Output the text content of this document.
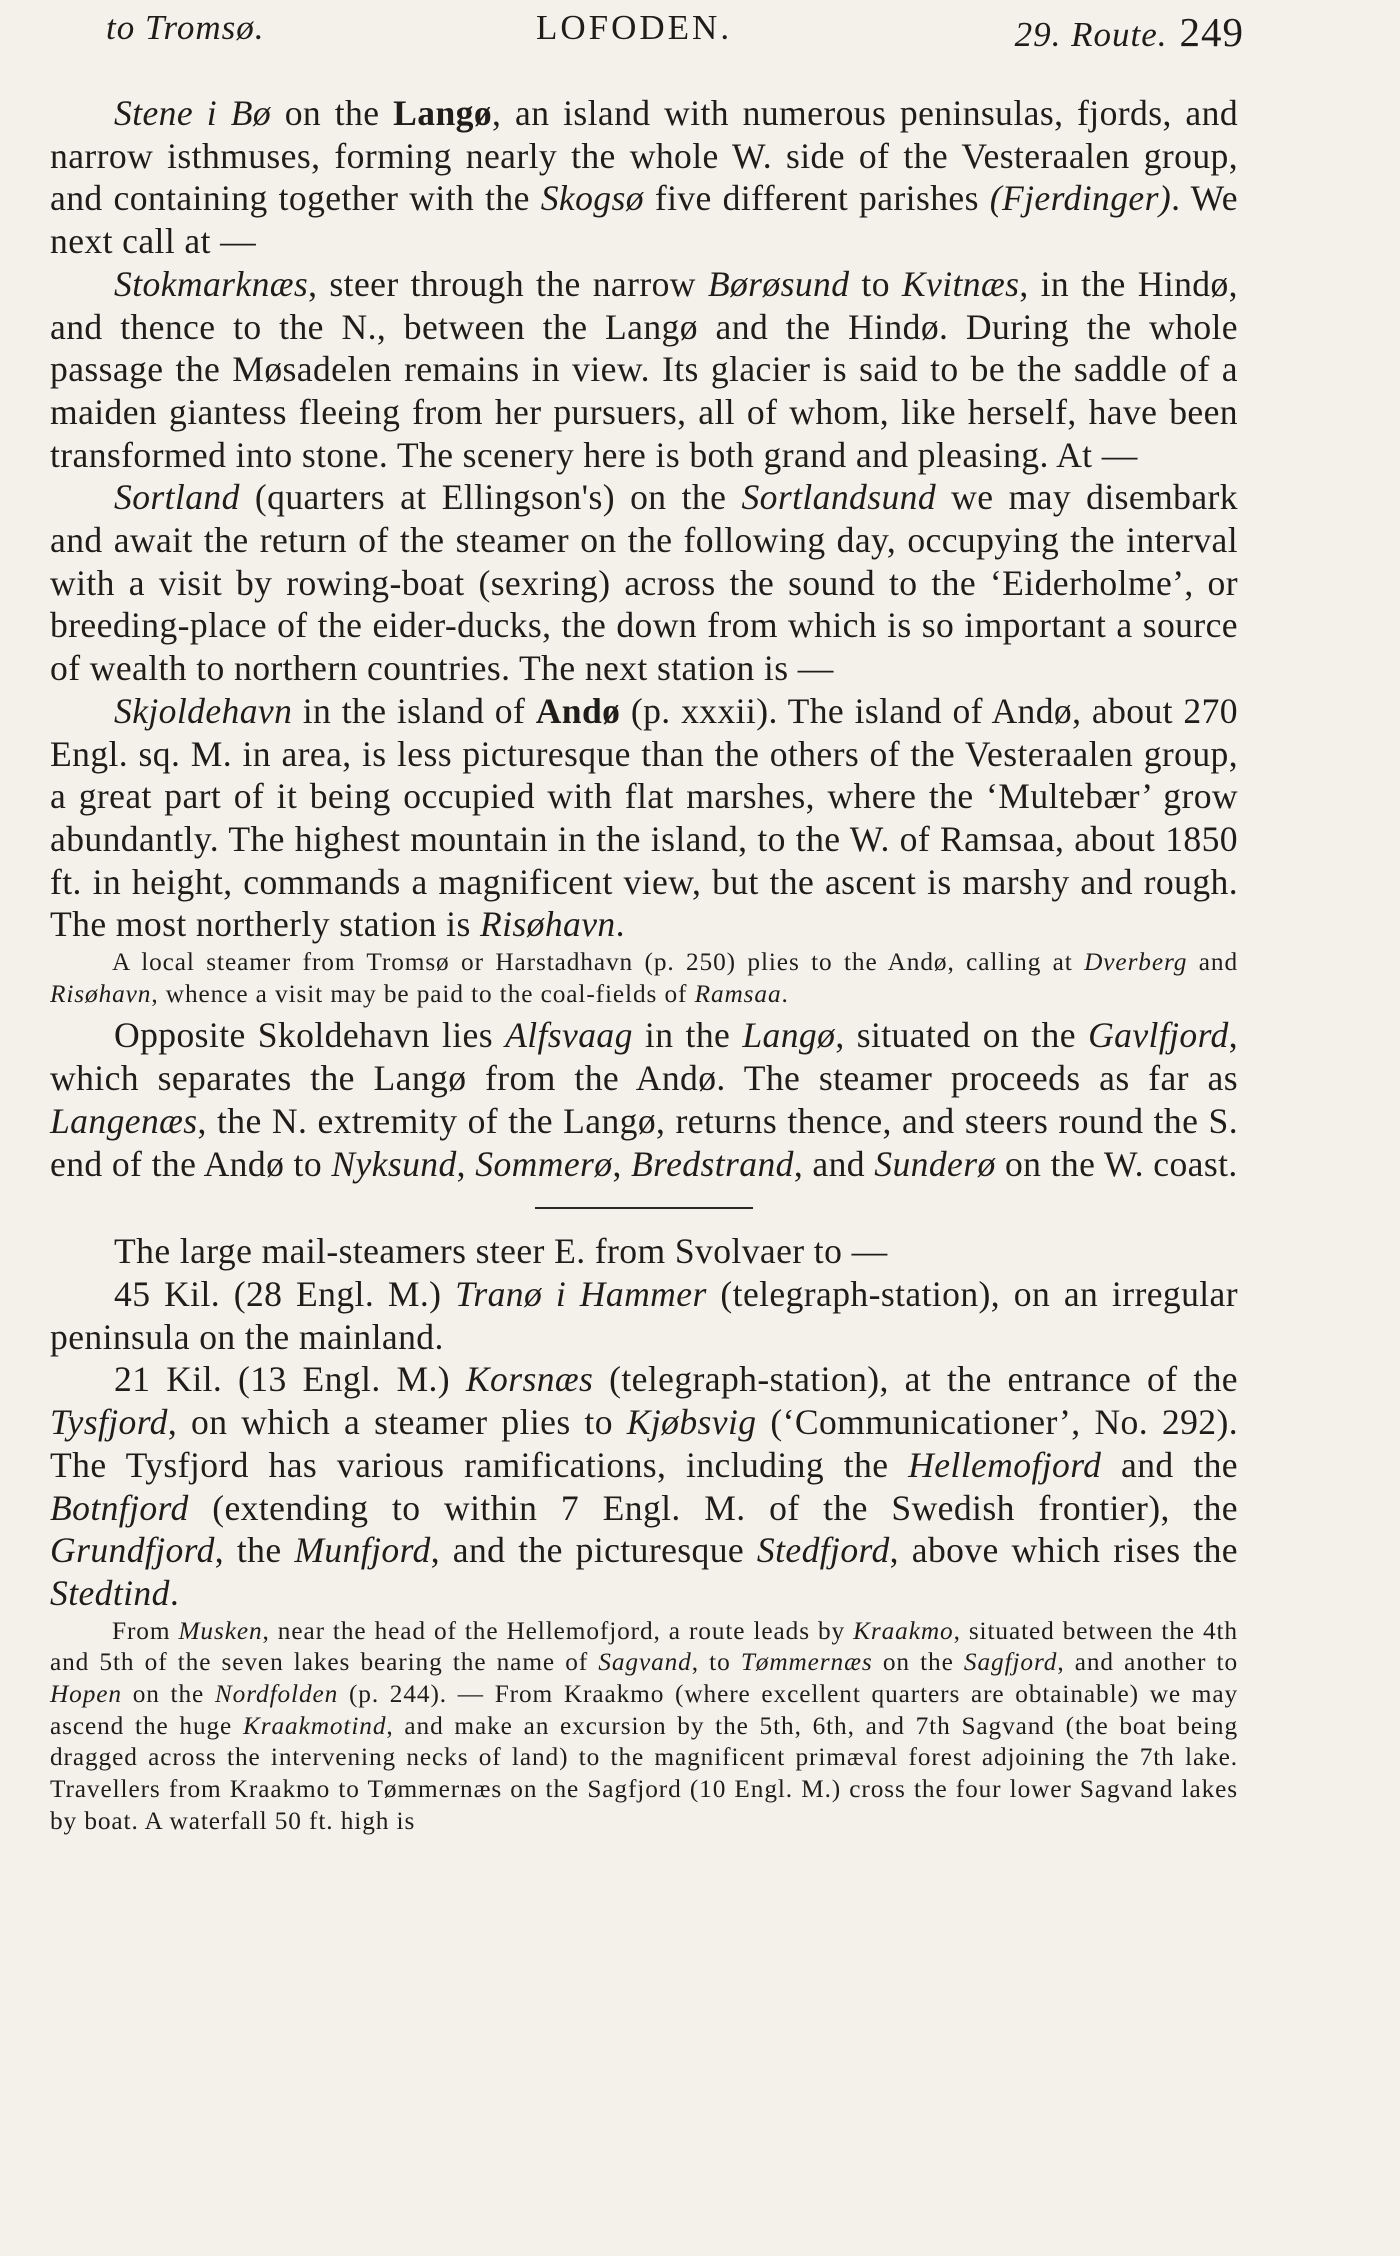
to Tromsø.	LOFODEN.	29. Route. 249

Stene i Bø on the Langø, an island with numerous peninsulas, fjords, and narrow isthmuses, forming nearly the whole W. side of the Vesteraalen group, and containing together with the Skogsø five different parishes (Fjerdinger). We next call at —

Stokmarknæs, steer through the narrow Børøsund to Kvitnæs, in the Hindø, and thence to the N., between the Langø and the Hindø. During the whole passage the Møsadelen remains in view. Its glacier is said to be the saddle of a maiden giantess fleeing from her pursuers, all of whom, like herself, have been transformed into stone. The scenery here is both grand and pleasing. At —

Sortland (quarters at Ellingson's) on the Sortlandsund we may disembark and await the return of the steamer on the following day, occupying the interval with a visit by rowing-boat (sexring) across the sound to the ‘Eiderholme’, or breeding-place of the eider-ducks, the down from which is so important a source of wealth to northern countries. The next station is —

Skjoldehavn in the island of Andø (p. xxxii). The island of Andø, about 270 Engl. sq. M. in area, is less picturesque than the others of the Vesteraalen group, a great part of it being occupied with flat marshes, where the ‘Multebær’ grow abundantly. The highest mountain in the island, to the W. of Ramsaa, about 1850 ft. in height, commands a magnificent view, but the ascent is marshy and rough. The most northerly station is Risøhavn.

A local steamer from Tromsø or Harstadhavn (p. 250) plies to the Andø, calling at Dverberg and Risøhavn, whence a visit may be paid to the coal-fields of Ramsaa.

Opposite Skoldehavn lies Alfsvaag in the Langø, situated on the Gavlfjord, which separates the Langø from the Andø. The steamer proceeds as far as Langenæs, the N. extremity of the Langø, returns thence, and steers round the S. end of the Andø to Nyksund, Sommerø, Bredstrand, and Sunderø on the W. coast.

The large mail-steamers steer E. from Svolvaer to —

45 Kil. (28 Engl. M.) Tranø i Hammer (telegraph-station), on an irregular peninsula on the mainland.

21 Kil. (13 Engl. M.) Korsnæs (telegraph-station), at the entrance of the Tysfjord, on which a steamer plies to Kjøbsvig (‘Communicationer’, No. 292). The Tysfjord has various ramifications, including the Hellemofjord and the Botnfjord (extending to within 7 Engl. M. of the Swedish frontier), the Grundfjord, the Munfjord, and the picturesque Stedfjord, above which rises the Stedtind.

From Musken, near the head of the Hellemofjord, a route leads by Kraakmo, situated between the 4th and 5th of the seven lakes bearing the name of Sagvand, to Tømmernæs on the Sagfjord, and another to Hopen on the Nordfolden (p. 244). — From Kraakmo (where excellent quarters are obtainable) we may ascend the huge Kraakmotind, and make an excursion by the 5th, 6th, and 7th Sagvand (the boat being dragged across the intervening necks of land) to the magnificent primæval forest adjoining the 7th lake. Travellers from Kraakmo to Tømmernæs on the Sagfjord (10 Engl. M.) cross the four lower Sagvand lakes by boat. A waterfall 50 ft. high is
